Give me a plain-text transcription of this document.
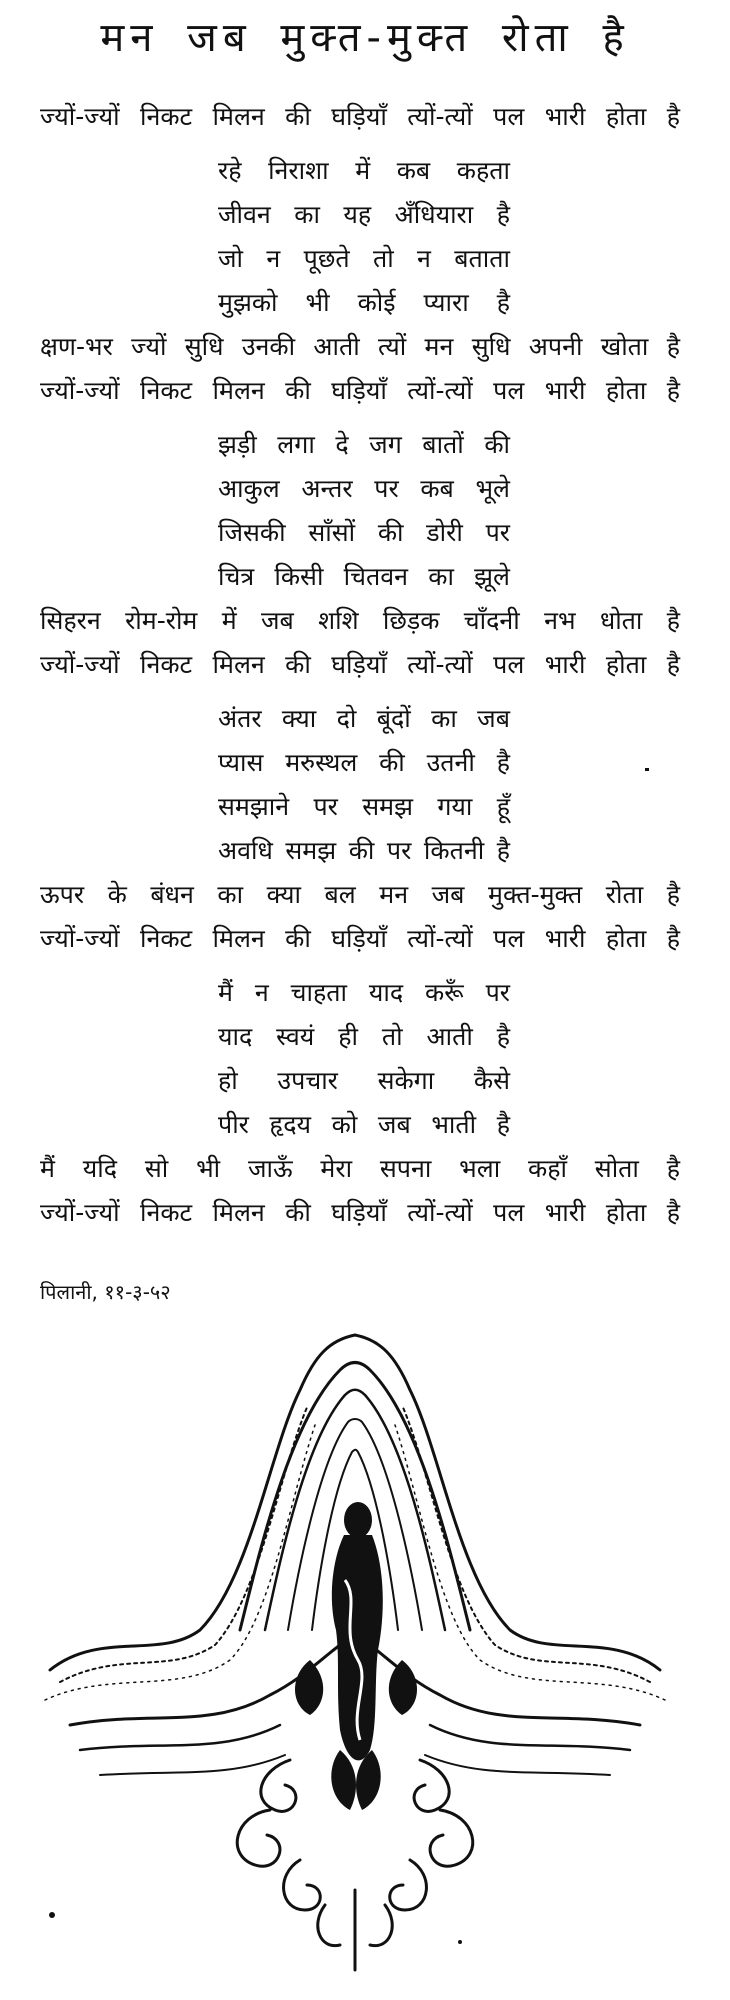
मन जब मुक्त-मुक्त रोता है
ज्यों-ज्यों निकट मिलन की घड़ियाँ त्यों-त्यों पल भारी होता है
रहे निराशा में कब कहता
जीवन का यह अँधियारा है
जो न पूछते तो न बताता
मुझको भी कोई प्यारा है
क्षण-भर ज्यों सुधि उनकी आती त्यों मन सुधि अपनी खोता है
ज्यों-ज्यों निकट मिलन की घड़ियाँ त्यों-त्यों पल भारी होता है
झड़ी लगा दे जग बातों की
आकुल अन्तर पर कब भूले
जिसकी साँसों की डोरी पर
चित्र किसी चितवन का झूले
सिहरन रोम-रोम में जब शशि छिड़क चाँदनी नभ धोता है
ज्यों-ज्यों निकट मिलन की घड़ियाँ त्यों-त्यों पल भारी होता है
अंतर क्या दो बूंदों का जब
प्यास मरुस्थल की उतनी है
समझाने पर समझ गया हूँ
अवधि समझ की पर कितनी है
ऊपर के बंधन का क्या बल मन जब मुक्त-मुक्त रोता है
ज्यों-ज्यों निकट मिलन की घड़ियाँ त्यों-त्यों पल भारी होता है
मैं न चाहता याद करूँ पर
याद स्वयं ही तो आती है
हो उपचार सकेगा कैसे
पीर हृदय को जब भाती है
मैं यदि सो भी जाऊँ मेरा सपना भला कहाँ सोता है
ज्यों-ज्यों निकट मिलन की घड़ियाँ त्यों-त्यों पल भारी होता है
पिलानी, ११-३-५२
